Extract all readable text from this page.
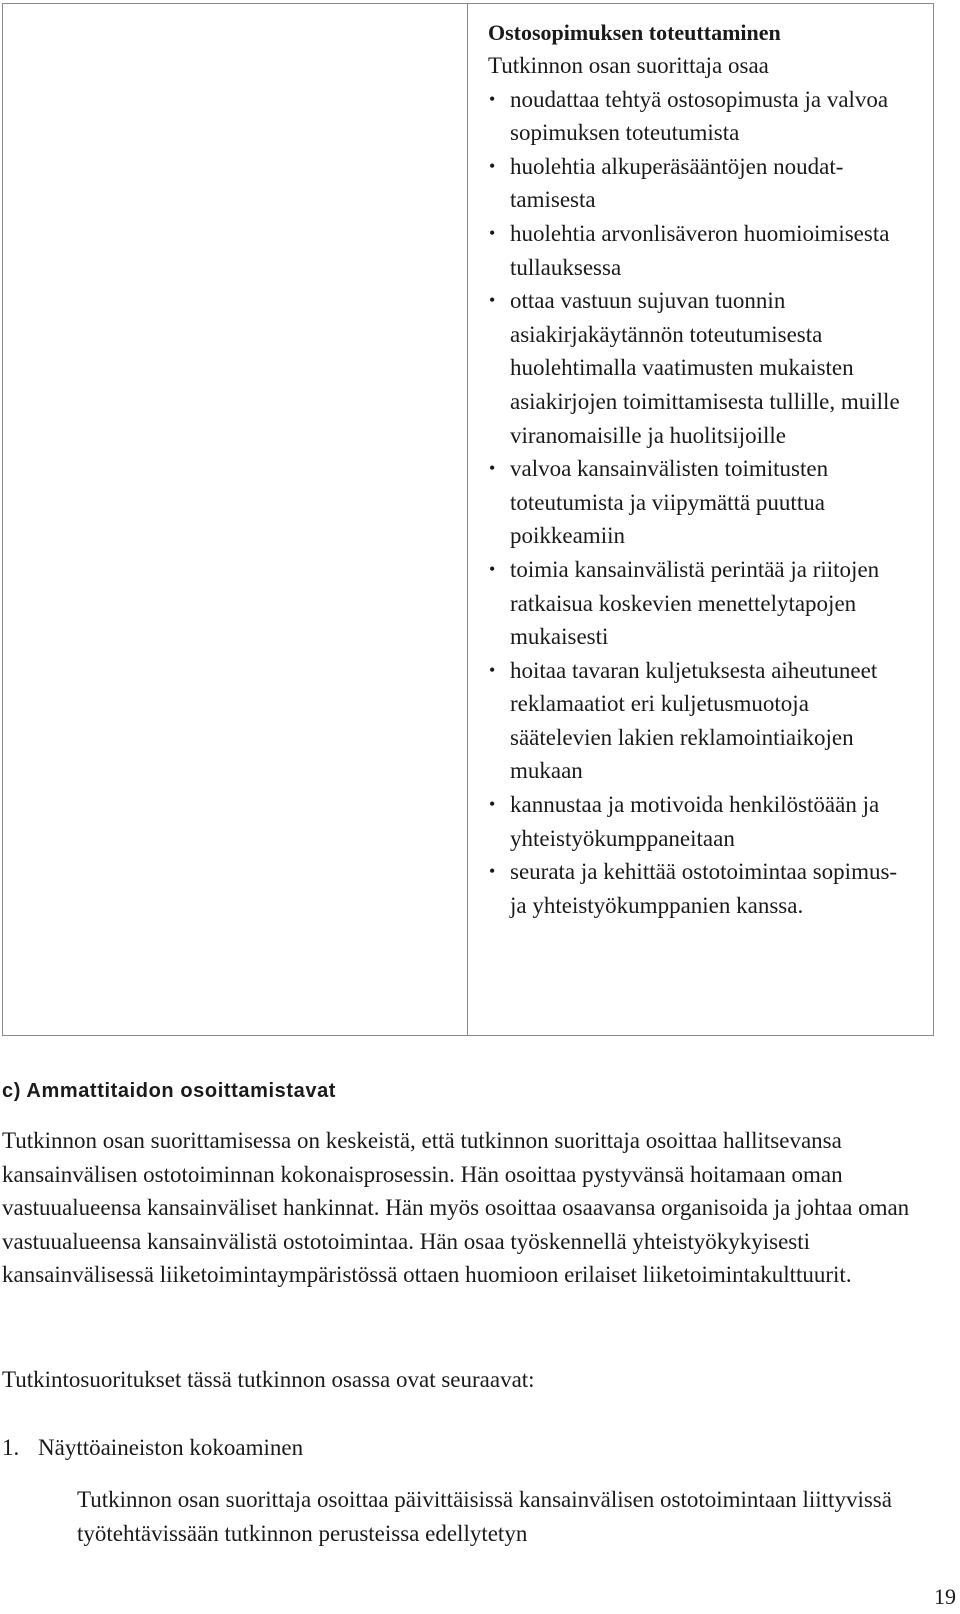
Ostosopimuksen toteuttaminen

Tutkinnon osan suorittaja osaa

• noudattaa tehtyä ostosopimusta ja valvoa sopimuksen toteutumista
• huolehtia alkuperäsääntöjen noudattamisesta
• huolehtia arvonlisäveron huomioimisesta tullauksessa
• ottaa vastuun sujuvan tuonnin asiakirjakäytännön toteutumisesta huolehtimalla vaatimusten mukaisten asiakirjojen toimittamisesta tullille, muille viranomaisille ja huolitsijoille
• valvoa kansainvälisten toimitusten toteutumista ja viipymättä puuttua poikkeamiin
• toimia kansainvälistä perintää ja riitojen ratkaisua koskevien menettelytapojen mukaisesti
• hoitaa tavaran kuljetuksesta aiheutuneet reklamaatiot eri kuljetusmuotoja säätelevien lakien reklamointiaikojen mukaan
• kannustaa ja motivoida henkilöstöään ja yhteistyökumppaneitaan
• seurata ja kehittää ostotoimintaa sopimus- ja yhteistyökumppanien kanssa.
c) Ammattitaidon osoittamistavat

Tutkinnon osan suorittamisessa on keskeistä, että tutkinnon suorittaja osoittaa hallitsevansa kansainvälisen ostotoiminnan kokonaisprosessin. Hän osoittaa pystyvänsä hoitamaan oman vastuualueensa kansainväliset hankinnat. Hän myös osoittaa osaavansa organisoida ja johtaa oman vastuualueensa kansainvälistä ostotoimintaa. Hän osaa työskennellä yhteistyökykyisesti kansainvälisessä liiketoimintaympäristössä ottaen huomioon erilaiset liiketoimintakulttuurit.

Tutkintosuoritukset tässä tutkinnon osassa ovat seuraavat:

1. Näyttöaineiston kokoaminen

Tutkinnon osan suorittaja osoittaa päivittäisissä kansainvälisen ostotoimintaan liittyvissä työtehtävissään tutkinnon perusteissa edellytetyn

19
